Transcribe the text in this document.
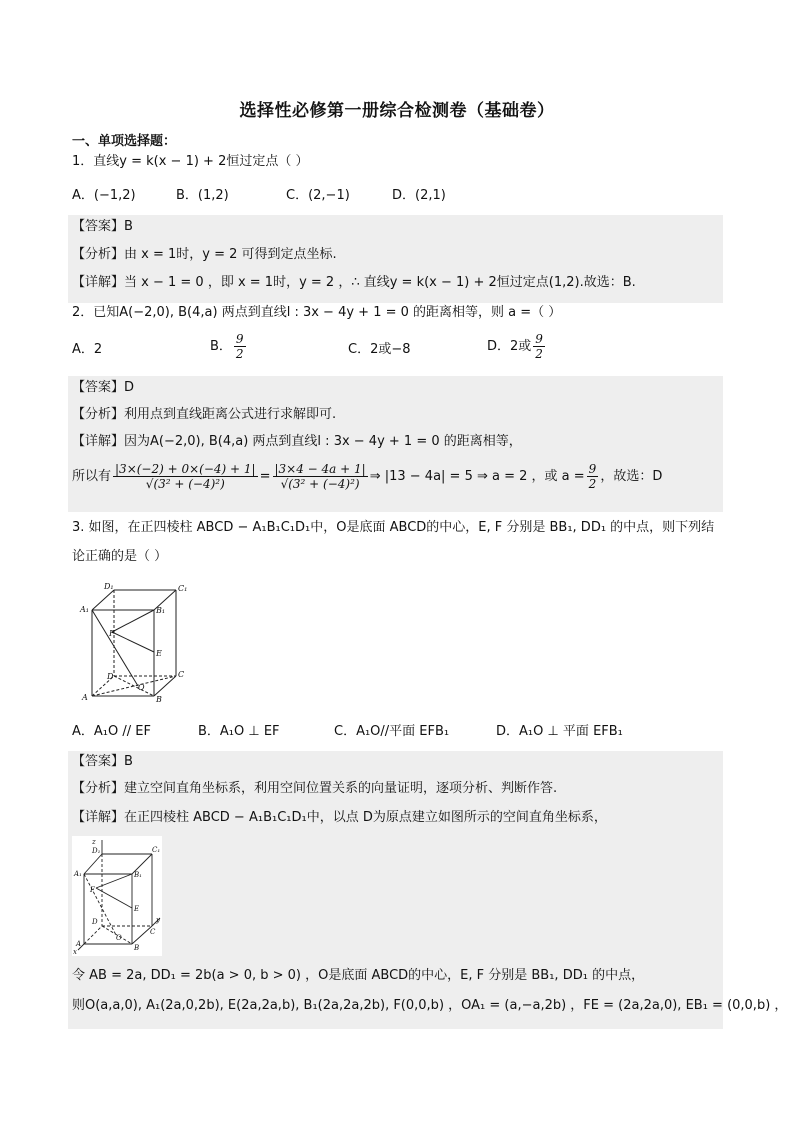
选择性必修第一册综合检测卷（基础卷）
一、单项选择题：
1．直线y = k(x − 1) + 2恒过定点（ ）
A．(−1,2)	B．(1,2)	C．(2,−1)	D．(2,1)
【答案】B
【分析】由 x = 1时，y = 2 可得到定点坐标.
【详解】当 x − 1 = 0 ，即 x = 1时，y = 2 ，∴ 直线y = k(x − 1) + 2恒过定点(1,2).故选：B.
2．已知A(−2,0), B(4,a) 两点到直线l : 3x − 4y + 1 = 0 的距离相等，则 a =（ ）
A．2	B． $\frac{9}{2}$	C．2或−8	D．2或 $\frac{9}{2}$
【答案】D
【分析】利用点到直线距离公式进行求解即可.
【详解】因为A(−2,0), B(4,a) 两点到直线l : 3x − 4y + 1 = 0 的距离相等，
所以有 $\frac{|3\times(-2) + 0\times(-4) + 1|}{\text{√(3² + (−4)²)}} = \frac{|3\times 4 - 4a + 1|}{\text{√(3² + (−4)²)}}$ ⇒ |13 − 4a| = 5 ⇒ a = 2 ，或 $a = \frac{9}{2}$ ，故选：D
3. 如图，在正四棱柱 ABCD − A₁B₁C₁D₁中，O是底面 ABCD的中心，E, F 分别是 BB₁, DD₁ 的中点，则下列结
论正确的是（ ）
D₁	C₁
A₁	B₁
F
E
D	C
O
A	B
A．A₁O // EF	B．A₁O ⊥ EF	C．A₁O//平面 EFB₁	D．A₁O ⊥ 平面 EFB₁
【答案】B
【分析】建立空间直角坐标系，利用空间位置关系的向量证明，逐项分析、判断作答.
【详解】在正四棱柱 ABCD − A₁B₁C₁D₁中，以点 D为原点建立如图所示的空间直角坐标系，
z
D₁	C₁
A₁	B₁
F
E
D
O
C
y
A	B
x
令 AB = 2a, DD₁ = 2b(a > 0, b > 0) ，O是底面 ABCD的中心，E, F 分别是 BB₁, DD₁ 的中点，
则O(a,a,0), A₁(2a,0,2b), E(2a,2a,b), B₁(2a,2a,2b), F(0,0,b) ，OA₁ = (a,−a,2b) ，FE = (2a,2a,0), EB₁ = (0,0,b) ，
